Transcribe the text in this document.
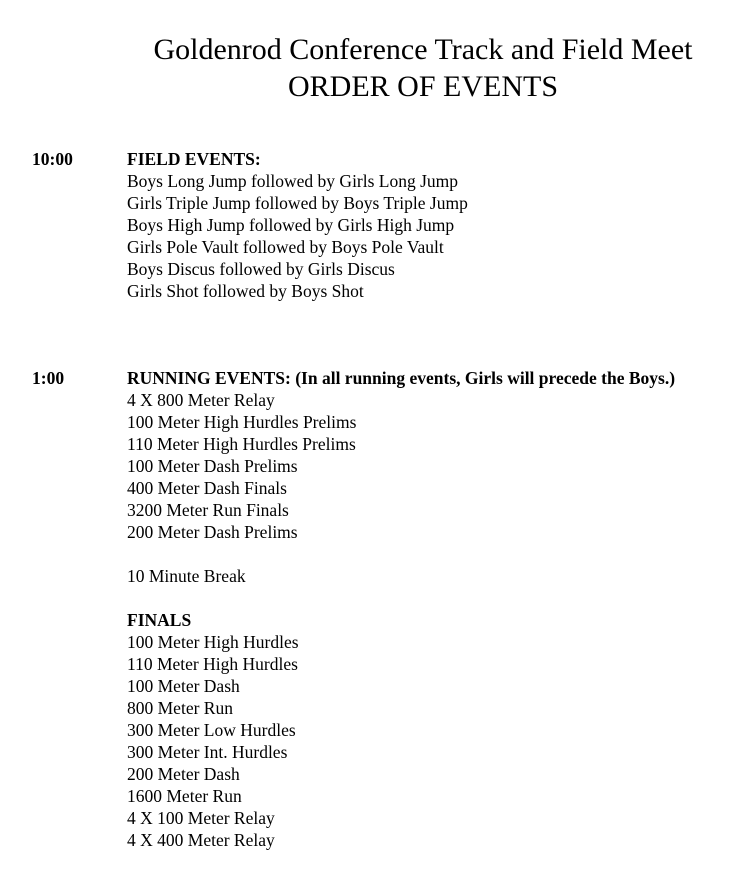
Goldenrod Conference Track and Field Meet
ORDER OF EVENTS
10:00	FIELD EVENTS:
Boys Long Jump followed by Girls Long Jump
Girls Triple Jump followed by Boys Triple Jump
Boys High Jump followed by Girls High Jump
Girls Pole Vault followed by Boys Pole Vault
Boys Discus followed by Girls Discus
Girls Shot followed by Boys Shot
1:00	RUNNING EVENTS: (In all running events, Girls will precede the Boys.)
4 X 800 Meter Relay
100 Meter High Hurdles Prelims
110 Meter High Hurdles Prelims
100 Meter Dash Prelims
400 Meter Dash Finals
3200 Meter Run Finals
200 Meter Dash Prelims
10 Minute Break
FINALS
100 Meter High Hurdles
110 Meter High Hurdles
100 Meter Dash
800 Meter Run
300 Meter Low Hurdles
300 Meter Int. Hurdles
200 Meter Dash
1600 Meter Run
4 X 100 Meter Relay
4 X 400 Meter Relay
